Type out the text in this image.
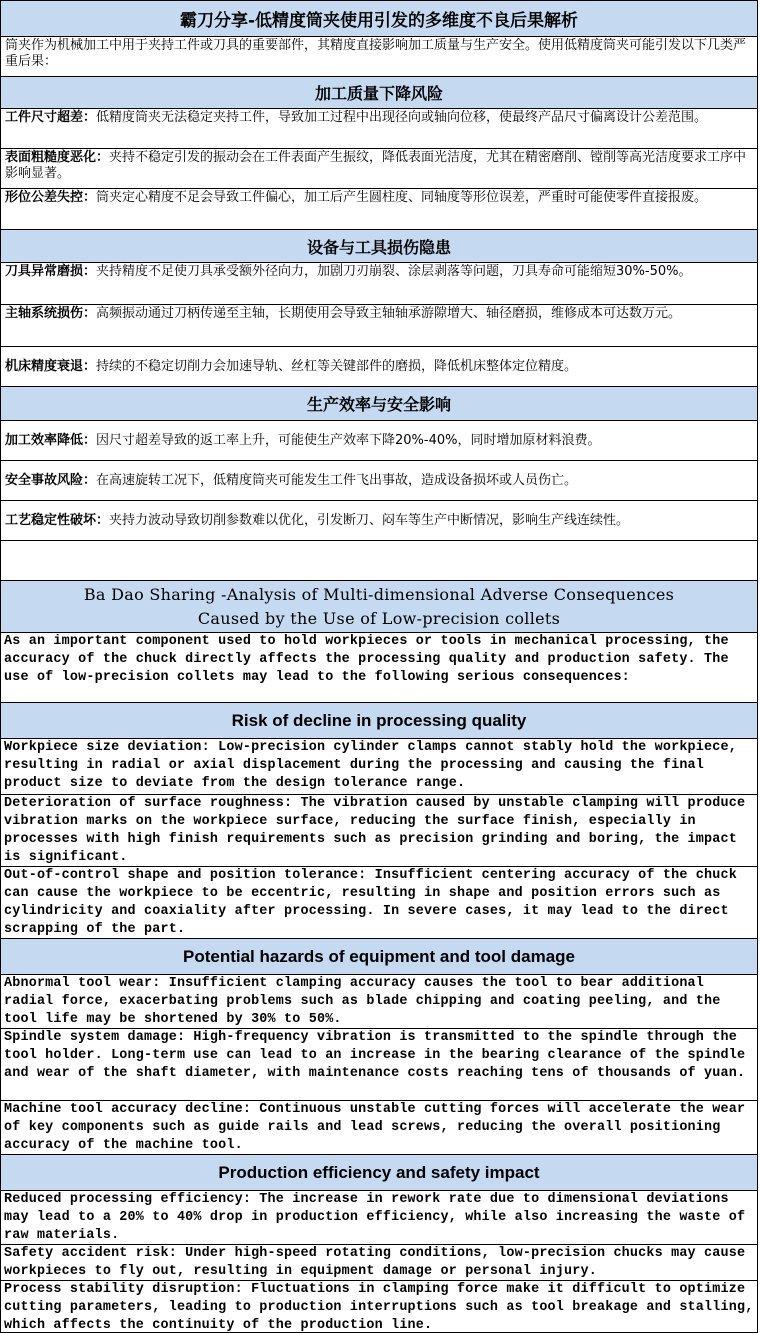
霸刀分享-低精度筒夹使用引发的多维度不良后果解析
筒夹作为机械加工中用于夹持工件或刀具的重要部件，其精度直接影响加工质量与生产安全。使用低精度筒夹可能引发以下几类严重后果：
加工质量下降风险
工件尺寸超差：低精度筒夹无法稳定夹持工件，导致加工过程中出现径向或轴向位移，使最终产品尺寸偏离设计公差范围。
表面粗糙度恶化：夹持不稳定引发的振动会在工件表面产生振纹，降低表面光洁度，尤其在精密磨削、镗削等高光洁度要求工序中影响显著。
形位公差失控：筒夹定心精度不足会导致工件偏心，加工后产生圆柱度、同轴度等形位误差，严重时可能使零件直接报废。
设备与工具损伤隐患
刀具异常磨损：夹持精度不足使刀具承受额外径向力，加剧刀刃崩裂、涂层剥落等问题，刀具寿命可能缩短30%-50%。
主轴系统损伤：高频振动通过刀柄传递至主轴，长期使用会导致主轴轴承游隙增大、轴径磨损，维修成本可达数万元。
机床精度衰退：持续的不稳定切削力会加速导轨、丝杠等关键部件的磨损，降低机床整体定位精度。
生产效率与安全影响
加工效率降低：因尺寸超差导致的返工率上升，可能使生产效率下降20%-40%，同时增加原材料浪费。
安全事故风险：在高速旋转工况下，低精度筒夹可能发生工件飞出事故，造成设备损坏或人员伤亡。
工艺稳定性破坏：夹持力波动导致切削参数难以优化，引发断刀、闷车等生产中断情况，影响生产线连续性。
Ba Dao Sharing -Analysis of Multi-dimensional Adverse Consequences
Caused by the Use of Low-precision collets
As an important component used to hold workpieces or tools in mechanical processing, the accuracy of the chuck directly affects the processing quality and production safety. The use of low-precision collets may lead to the following serious consequences:
Risk of decline in processing quality
Workpiece size deviation: Low-precision cylinder clamps cannot stably hold the workpiece, resulting in radial or axial displacement during the processing and causing the final product size to deviate from the design tolerance range.
Deterioration of surface roughness: The vibration caused by unstable clamping will produce vibration marks on the workpiece surface, reducing the surface finish, especially in processes with high finish requirements such as precision grinding and boring, the impact is significant.
Out-of-control shape and position tolerance: Insufficient centering accuracy of the chuck can cause the workpiece to be eccentric, resulting in shape and position errors such as cylindricity and coaxiality after processing. In severe cases, it may lead to the direct scrapping of the part.
Potential hazards of equipment and tool damage
Abnormal tool wear: Insufficient clamping accuracy causes the tool to bear additional radial force, exacerbating problems such as blade chipping and coating peeling, and the tool life may be shortened by 30% to 50%.
Spindle system damage: High-frequency vibration is transmitted to the spindle through the tool holder. Long-term use can lead to an increase in the bearing clearance of the spindle and wear of the shaft diameter, with maintenance costs reaching tens of thousands of yuan.
Machine tool accuracy decline: Continuous unstable cutting forces will accelerate the wear of key components such as guide rails and lead screws, reducing the overall positioning accuracy of the machine tool.
Production efficiency and safety impact
Reduced processing efficiency: The increase in rework rate due to dimensional deviations may lead to a 20% to 40% drop in production efficiency, while also increasing the waste of raw materials.
Safety accident risk: Under high-speed rotating conditions, low-precision chucks may cause workpieces to fly out, resulting in equipment damage or personal injury.
Process stability disruption: Fluctuations in clamping force make it difficult to optimize cutting parameters, leading to production interruptions such as tool breakage and stalling, which affects the continuity of the production line.
